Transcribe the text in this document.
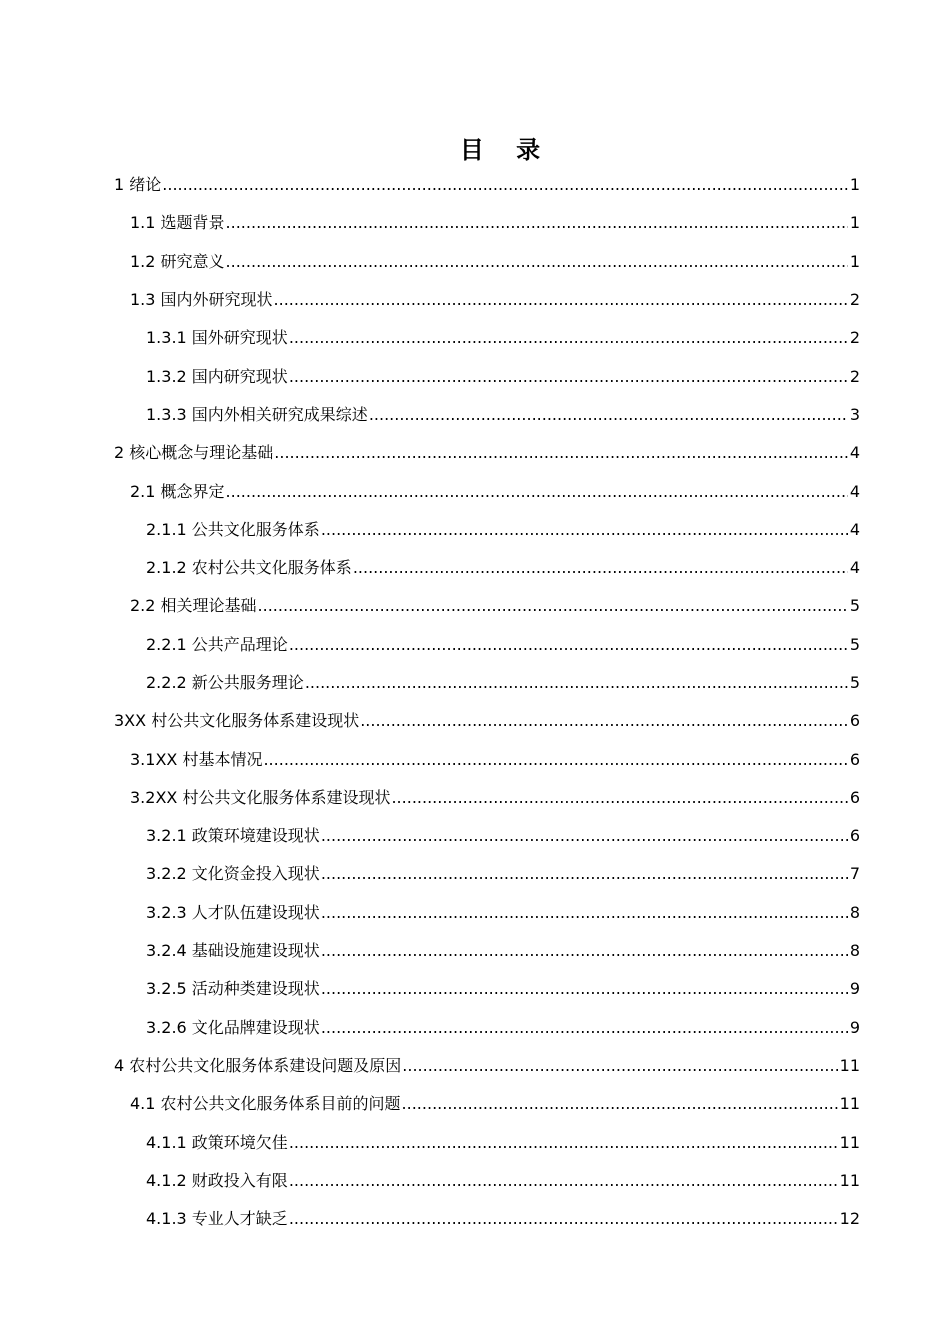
目 录
1 绪论 .....	1
1.1 选题背景 .....	1
1.2 研究意义 .....	1
1.3 国内外研究现状 .....	2
1.3.1 国外研究现状 .....	2
1.3.2 国内研究现状 .....	2
1.3.3 国内外相关研究成果综述 .....	3
2 核心概念与理论基础 .....	4
2.1 概念界定 .....	4
2.1.1 公共文化服务体系 .....	4
2.1.2 农村公共文化服务体系 .....	4
2.2 相关理论基础 .....	5
2.2.1 公共产品理论 .....	5
2.2.2 新公共服务理论 .....	5
3XX 村公共文化服务体系建设现状 .....	6
3.1XX 村基本情况 .....	6
3.2XX 村公共文化服务体系建设现状 .....	6
3.2.1 政策环境建设现状 .....	6
3.2.2 文化资金投入现状 .....	7
3.2.3 人才队伍建设现状 .....	8
3.2.4 基础设施建设现状 .....	8
3.2.5 活动种类建设现状 .....	9
3.2.6 文化品牌建设现状 .....	9
4 农村公共文化服务体系建设问题及原因 .....	11
4.1 农村公共文化服务体系目前的问题 .....	11
4.1.1 政策环境欠佳 .....	11
4.1.2 财政投入有限 .....	11
4.1.3 专业人才缺乏 .....	12
